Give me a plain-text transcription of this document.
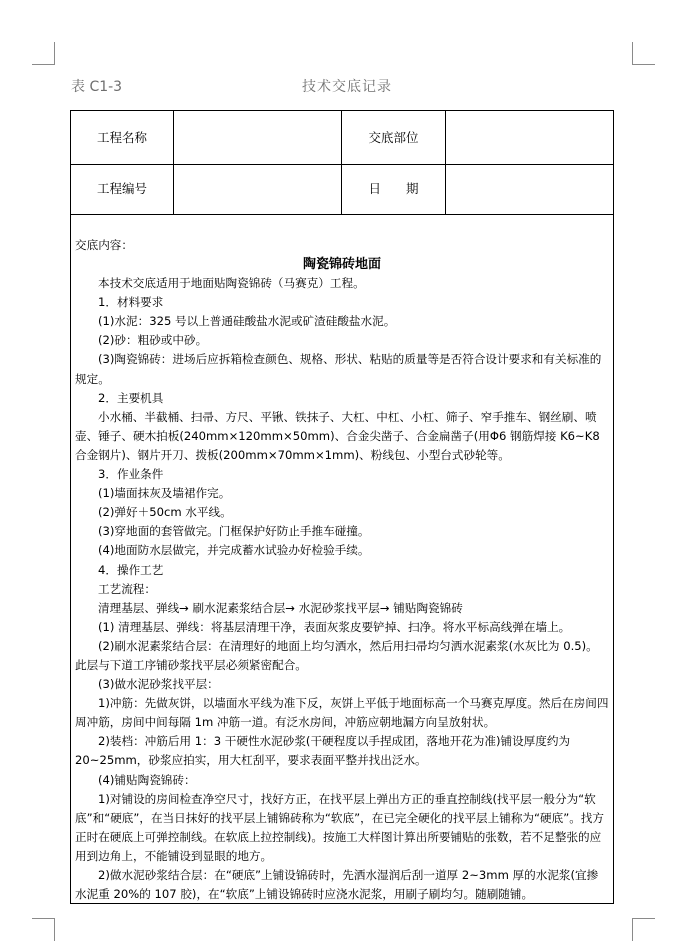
表 C1-3	技术交底记录
工程名称	交底部位
工程编号	日　　期

交底内容：

陶瓷锦砖地面

本技术交底适用于地面贴陶瓷锦砖（马赛克）工程。

1．材料要求

(1)水泥：325 号以上普通硅酸盐水泥或矿渣硅酸盐水泥。

(2)砂：粗砂或中砂。

(3)陶瓷锦砖：进场后应拆箱检查颜色、规格、形状、粘贴的质量等是否符合设计要求和有关标准的规定。

2．主要机具

小水桶、半截桶、扫帚、方尺、平锹、铁抹子、大杠、中杠、小杠、筛子、窄手推车、钢丝刷、喷壶、锤子、硬木拍板(240mm×120mm×50mm)、合金尖凿子、合金扁凿子(用Φ6 钢筋焊接 K6~K8 合金钢片)、钢片开刀、拨板(200mm×70mm×1mm)、粉线包、小型台式砂轮等。

3．作业条件

(1)墙面抹灰及墙裙作完。

(2)弹好＋50cm 水平线。

(3)穿地面的套管做完。门框保护好防止手推车碰撞。

(4)地面防水层做完，并完成蓄水试验办好检验手续。

4．操作工艺

工艺流程：

清理基层、弹线→ 刷水泥素浆结合层→ 水泥砂浆找平层→ 铺贴陶瓷锦砖

(1) 清理基层、弹线：将基层清理干净，表面灰浆皮要铲掉、扫净。将水平标高线弹在墙上。

(2)刷水泥素浆结合层：在清理好的地面上均匀洒水，然后用扫帚均匀洒水泥素浆(水灰比为 0.5)。此层与下道工序铺砂浆找平层必须紧密配合。

(3)做水泥砂浆找平层：

1)冲筋：先做灰饼，以墙面水平线为准下反，灰饼上平低于地面标高一个马赛克厚度。然后在房间四周冲筋，房间中间每隔 1m 冲筋一道。有泛水房间，冲筋应朝地漏方向呈放射状。

2)装档：冲筋后用 1：3 干硬性水泥砂浆(干硬程度以手捏成团，落地开花为准)铺设厚度约为 20~25mm，砂浆应拍实，用大杠刮平，要求表面平整并找出泛水。

(4)铺贴陶瓷锦砖：

1)对铺设的房间检查净空尺寸，找好方正，在找平层上弹出方正的垂直控制线(找平层一般分为“软底”和“硬底”，在当日抹好的找平层上铺锦砖称为“软底”，在已完全硬化的找平层上铺称为“硬底”。找方正时在硬底上可弹控制线。在软底上拉控制线)。按施工大样图计算出所要铺贴的张数，若不足整张的应用到边角上，不能铺设到显眼的地方。

2)做水泥砂浆结合层：在“硬底”上铺设锦砖时，先洒水湿润后刮一道厚 2~3mm 厚的水泥浆(宜掺水泥重 20%的 107 胶)，在“软底”上铺设锦砖时应浇水泥浆，用刷子刷均匀。随刷随铺。
